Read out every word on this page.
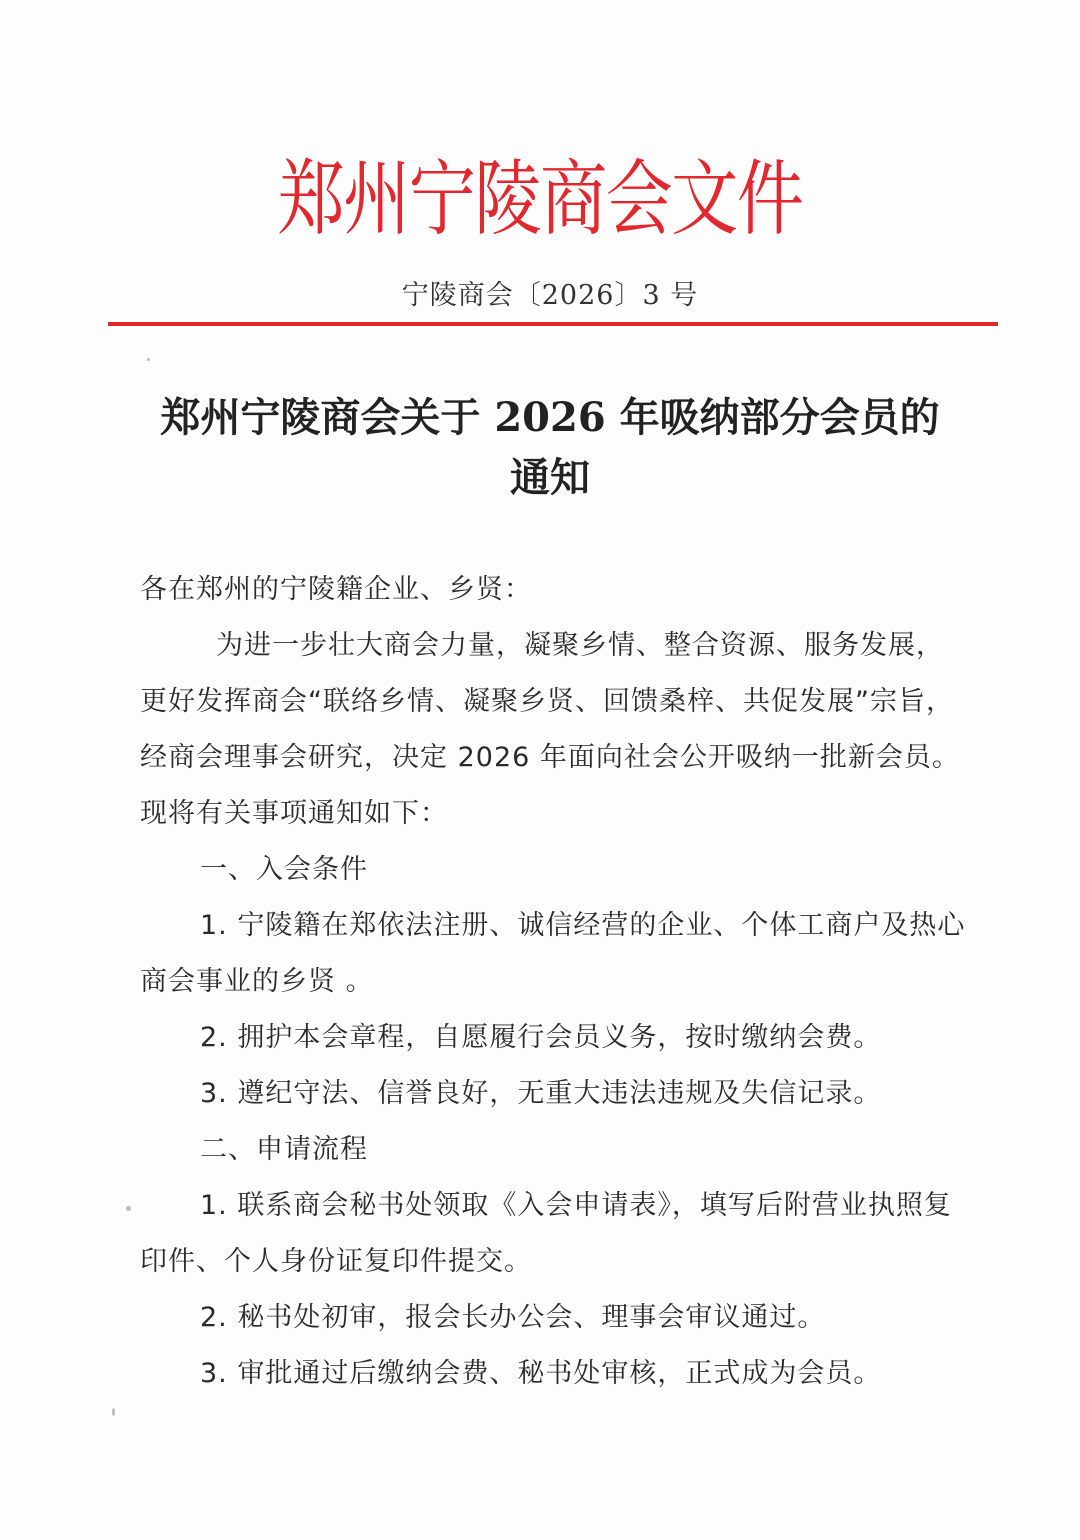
郑州宁陵商会文件
宁陵商会〔2026〕3 号
郑州宁陵商会关于 2026 年吸纳部分会员的
通知

各在郑州的宁陵籍企业、乡贤：

为进一步壮大商会力量，凝聚乡情、整合资源、服务发展，更好发挥商会“联络乡情、凝聚乡贤、回馈桑梓、共促发展”宗旨，经商会理事会研究，决定 2026 年面向社会公开吸纳一批新会员。现将有关事项通知如下：

一、入会条件

1. 宁陵籍在郑依法注册、诚信经营的企业、个体工商户及热心商会事业的乡贤 。

2. 拥护本会章程，自愿履行会员义务，按时缴纳会费。

3. 遵纪守法、信誉良好，无重大违法违规及失信记录。

二、申请流程

1. 联系商会秘书处领取《入会申请表》，填写后附营业执照复印件、个人身份证复印件提交。

2. 秘书处初审，报会长办公会、理事会审议通过。

3. 审批通过后缴纳会费、秘书处审核，正式成为会员。
